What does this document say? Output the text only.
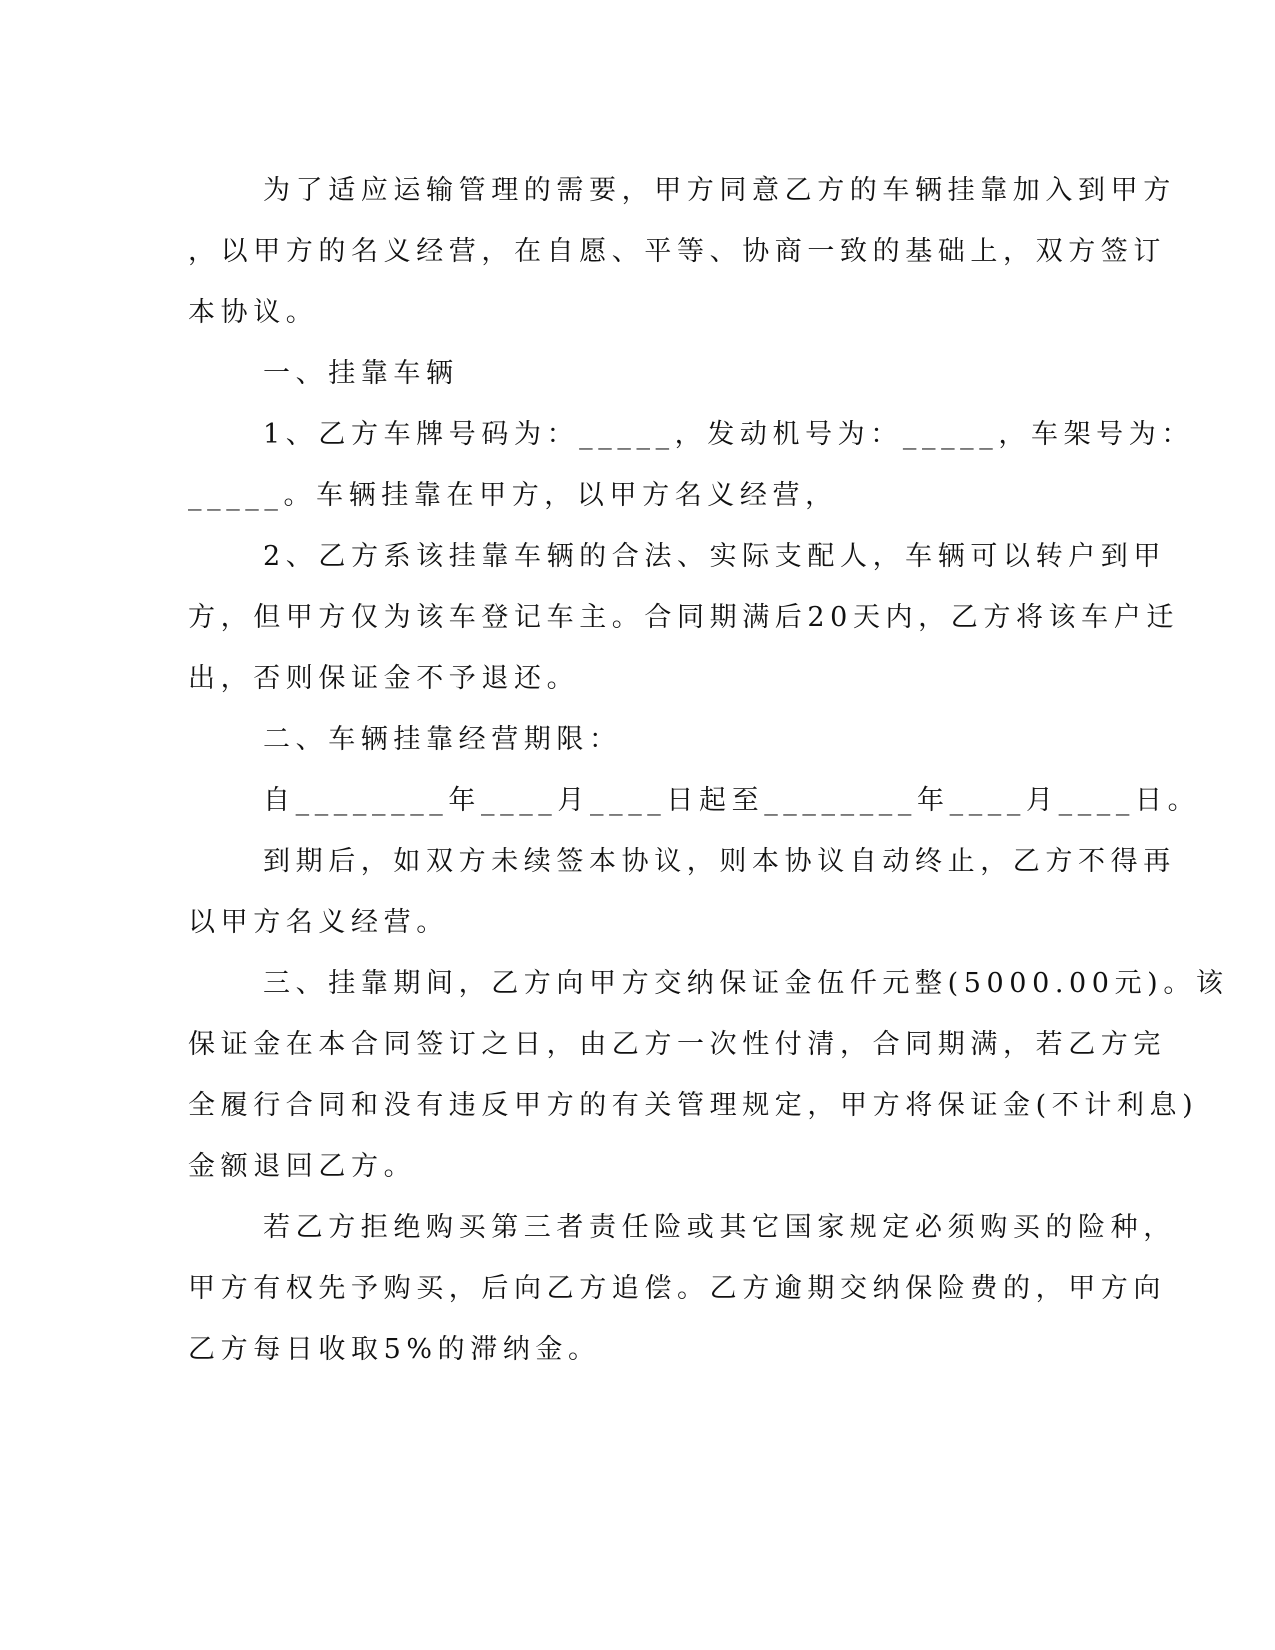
为了适应运输管理的需要，甲方同意乙方的车辆挂靠加入到甲方
，以甲方的名义经营，在自愿、平等、协商一致的基础上，双方签订
本协议。
一、挂靠车辆
1、乙方车牌号码为：_____，发动机号为：_____，车架号为：
_____。车辆挂靠在甲方，以甲方名义经营，
2、乙方系该挂靠车辆的合法、实际支配人，车辆可以转户到甲
方，但甲方仅为该车登记车主。合同期满后20天内，乙方将该车户迁
出，否则保证金不予退还。
二、车辆挂靠经营期限：
自________年____月____日起至________年____月____日。
到期后，如双方未续签本协议，则本协议自动终止，乙方不得再
以甲方名义经营。
三、挂靠期间，乙方向甲方交纳保证金伍仟元整(5000.00元)。该
保证金在本合同签订之日，由乙方一次性付清，合同期满，若乙方完
全履行合同和没有违反甲方的有关管理规定，甲方将保证金(不计利息)
金额退回乙方。
若乙方拒绝购买第三者责任险或其它国家规定必须购买的险种，
甲方有权先予购买，后向乙方追偿。乙方逾期交纳保险费的，甲方向
乙方每日收取5%的滞纳金。
